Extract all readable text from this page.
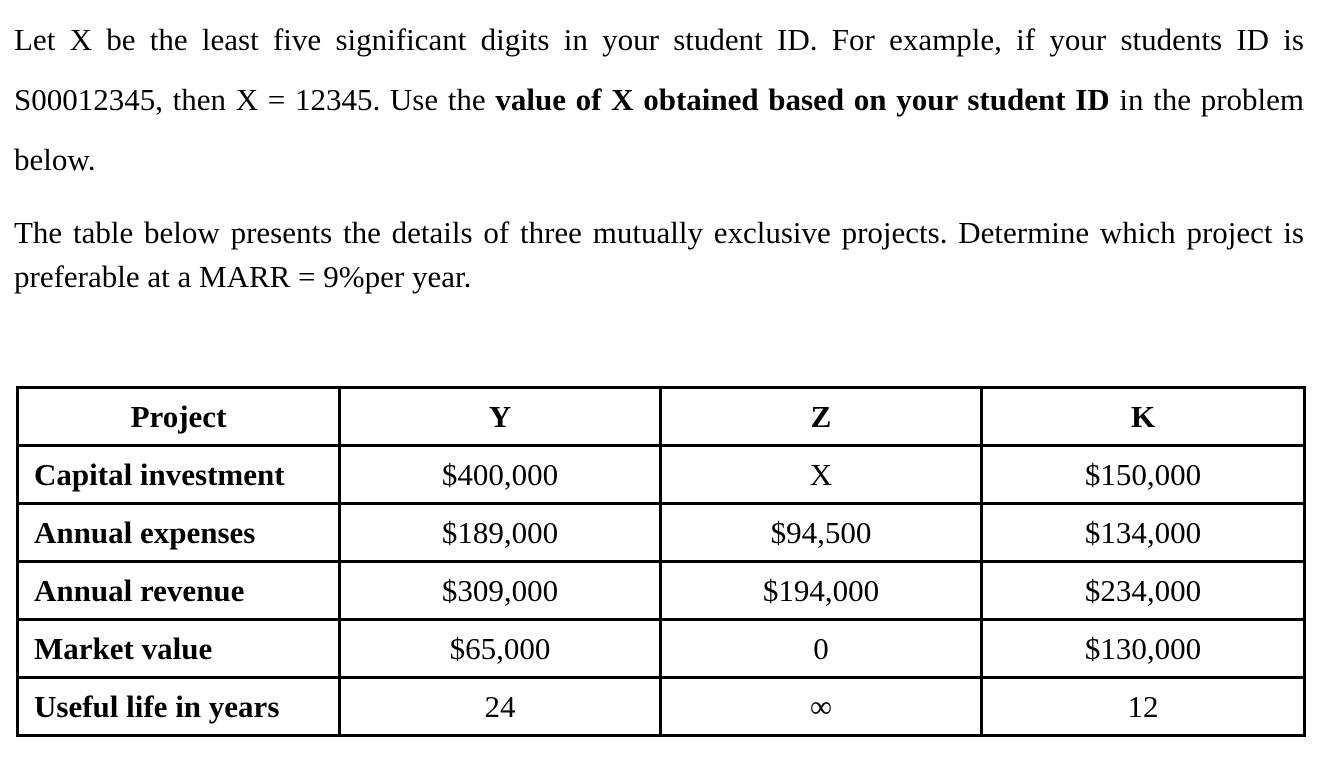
Let X be the least five significant digits in your student ID. For example, if your students ID is S00012345, then X = 12345. Use the value of X obtained based on your student ID in the problem below.

The table below presents the details of three mutually exclusive projects. Determine which project is preferable at a MARR = 9%per year.

Project	Y	Z	K
Capital investment	$400,000	X	$150,000
Annual expenses	$189,000	$94,500	$134,000
Annual revenue	$309,000	$194,000	$234,000
Market value	$65,000	0	$130,000
Useful life in years	24	∞	12
